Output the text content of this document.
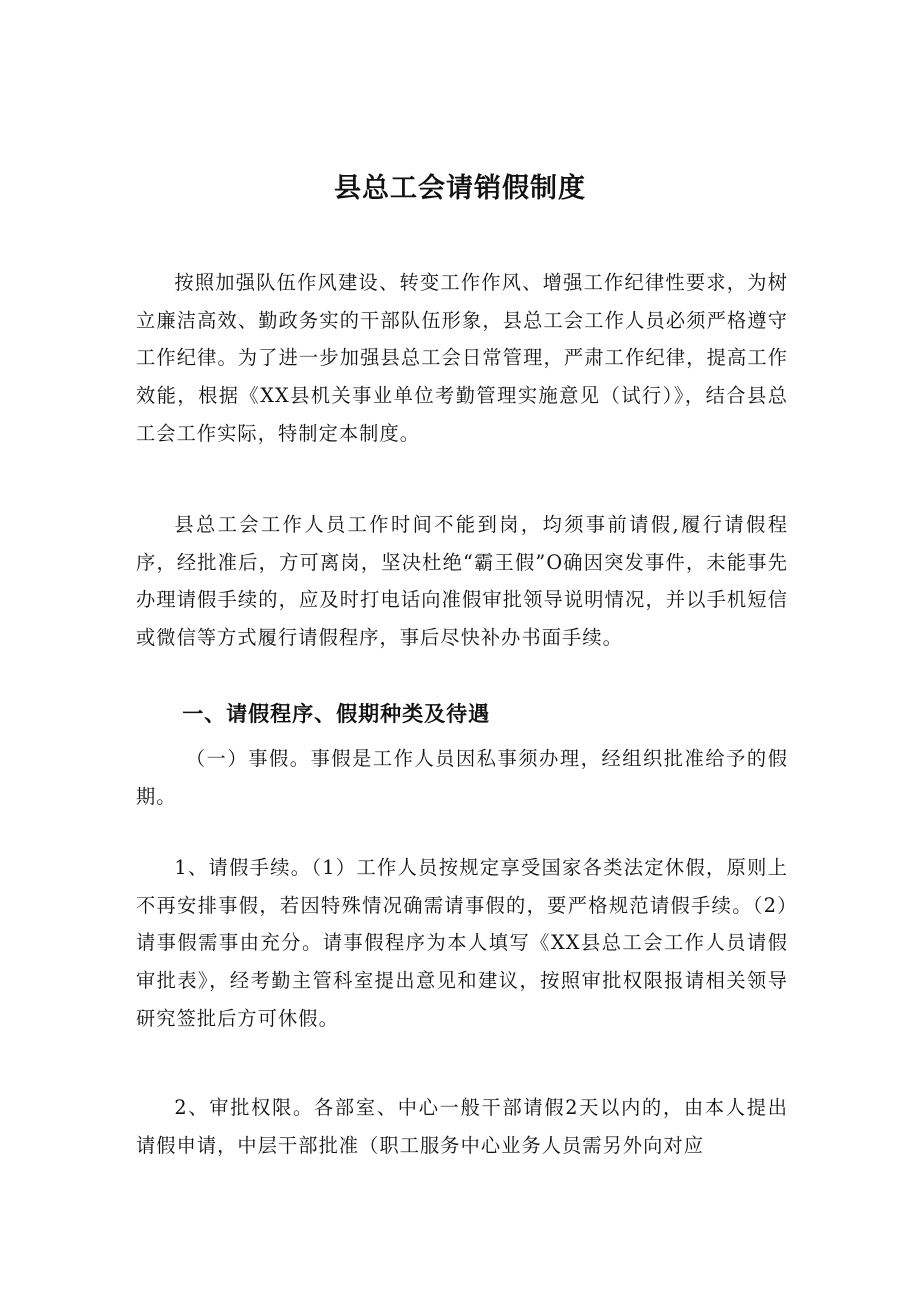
县总工会请销假制度

按照加强队伍作风建设、转变工作作风、增强工作纪律性要求，为树立廉洁高效、勤政务实的干部队伍形象，县总工会工作人员必须严格遵守工作纪律。为了进一步加强县总工会日常管理，严肃工作纪律，提高工作效能，根据《XX县机关事业单位考勤管理实施意见（试行）》，结合县总工会工作实际，特制定本制度。

县总工会工作人员工作时间不能到岗，均须事前请假,履行请假程序，经批准后，方可离岗，坚决杜绝“霸王假”O确因突发事件，未能事先办理请假手续的，应及时打电话向准假审批领导说明情况，并以手机短信或微信等方式履行请假程序，事后尽快补办书面手续。

一、请假程序、假期种类及待遇

（一）事假。事假是工作人员因私事须办理，经组织批准给予的假期。

1、请假手续。（1）工作人员按规定享受国家各类法定休假，原则上不再安排事假，若因特殊情况确需请事假的，要严格规范请假手续。（2）请事假需事由充分。请事假程序为本人填写《XX县总工会工作人员请假审批表》，经考勤主管科室提出意见和建议，按照审批权限报请相关领导研究签批后方可休假。

2、审批权限。各部室、中心一般干部请假2天以内的，由本人提出请假申请，中层干部批准（职工服务中心业务人员需另外向对应
